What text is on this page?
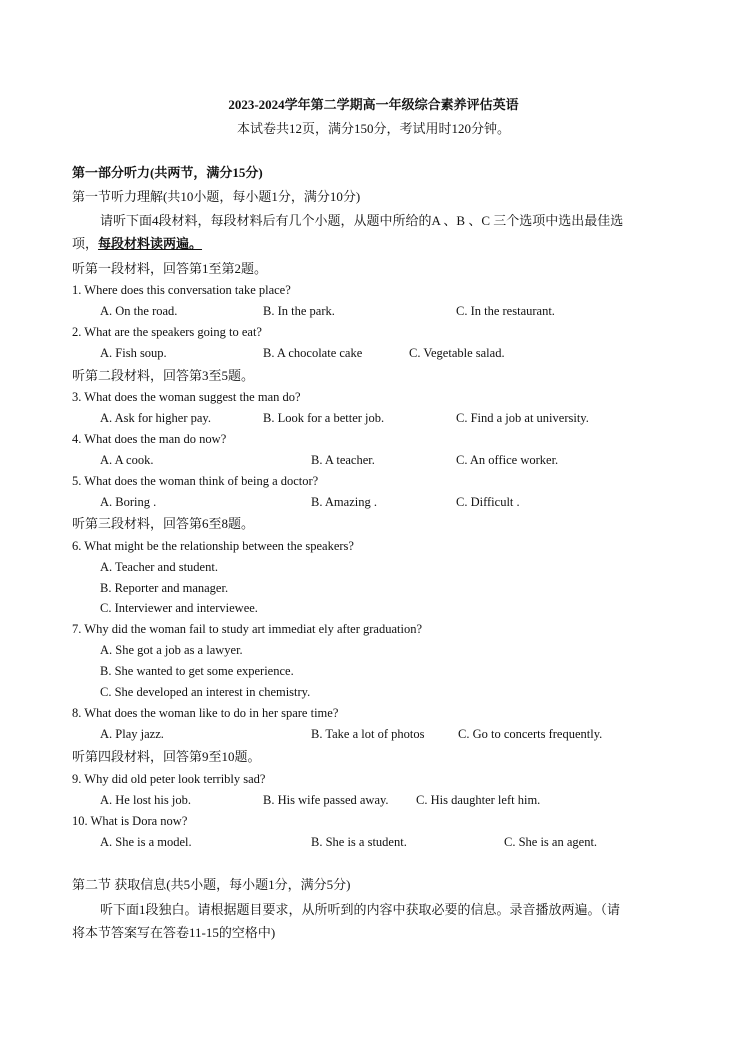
2023-2024学年第二学期高一年级综合素养评估英语
本试卷共12页，满分150分，考试用时120分钟。
第一部分听力(共两节，满分15分)
第一节听力理解(共10小题，每小题1分，满分10分)
请听下面4段材料，每段材料后有几个小题，从题中所给的A 、B 、C 三个选项中选出最佳选
项，每段材料读两遍。
听第一段材料，回答第1至第2题。
1. Where does this conversation take place?
A. On the road.	B. In the park.	C. In the restaurant.
2. What are the speakers going to eat?
A. Fish soup.	B. A chocolate cake	C. Vegetable salad.
听第二段材料，回答第3至5题。
3. What does the woman suggest the man do?
A. Ask for higher pay.	B. Look for a better job.	C. Find a job at university.
4. What does the man do now?
A. A cook.	B. A teacher.	C. An office worker.
5. What does the woman think of being a doctor?
A. Boring .	B. Amazing .	C. Difficult .
听第三段材料，回答第6至8题。
6. What might be the relationship between the speakers?
A. Teacher and student.
B. Reporter and manager.
C. Interviewer and interviewee.
7. Why did the woman fail to study art immediat ely after graduation?
A. She got a job as a lawyer.
B. She wanted to get some experience.
C. She developed an interest in chemistry.
8. What does the woman like to do in her spare time?
A. Play jazz.	B. Take a lot of photos	C. Go to concerts frequently.
听第四段材料，回答第9至10题。
9. Why did old peter look terribly sad?
A. He lost his job.	B. His wife passed away. C. His daughter left him.
10. What is Dora now?
A. She is a model.	B. She is a student.	C. She is an agent.
第二节 获取信息(共5小题，每小题1分，满分5分)
听下面1段独白。请根据题目要求，从所听到的内容中获取必要的信息。录音播放两遍。（请
将本节答案写在答卷11-15的空格中)
